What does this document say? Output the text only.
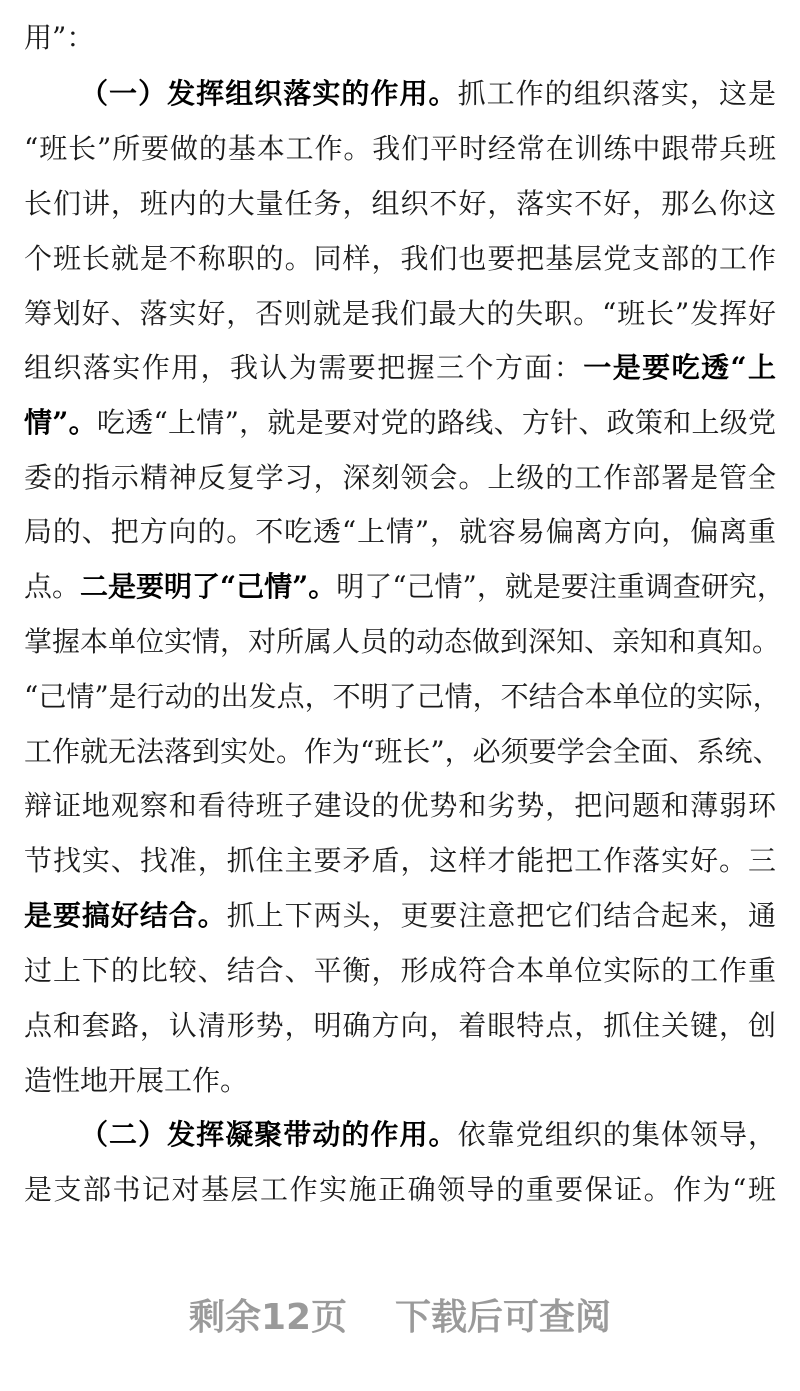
用”：
（一）发挥组织落实的作用。抓工作的组织落实，这是
“班长”所要做的基本工作。我们平时经常在训练中跟带兵班
长们讲，班内的大量任务，组织不好，落实不好，那么你这
个班长就是不称职的。同样，我们也要把基层党支部的工作
筹划好、落实好，否则就是我们最大的失职。“班长”发挥好
组织落实作用，我认为需要把握三个方面：一是要吃透“上
情”。吃透“上情”，就是要对党的路线、方针、政策和上级党
委的指示精神反复学习，深刻领会。上级的工作部署是管全
局的、把方向的。不吃透“上情”，就容易偏离方向，偏离重
点。二是要明了“己情”。明了“己情”，就是要注重调查研究，
掌握本单位实情，对所属人员的动态做到深知、亲知和真知。
“己情”是行动的出发点，不明了己情，不结合本单位的实际，
工作就无法落到实处。作为“班长”，必须要学会全面、系统、
辩证地观察和看待班子建设的优势和劣势，把问题和薄弱环
节找实、找准，抓住主要矛盾，这样才能把工作落实好。三
是要搞好结合。抓上下两头，更要注意把它们结合起来，通
过上下的比较、结合、平衡，形成符合本单位实际的工作重
点和套路，认清形势，明确方向，着眼特点，抓住关键，创
造性地开展工作。
（二）发挥凝聚带动的作用。依靠党组织的集体领导，
是支部书记对基层工作实施正确领导的重要保证。作为“班
剩余12页 下载后可查阅
